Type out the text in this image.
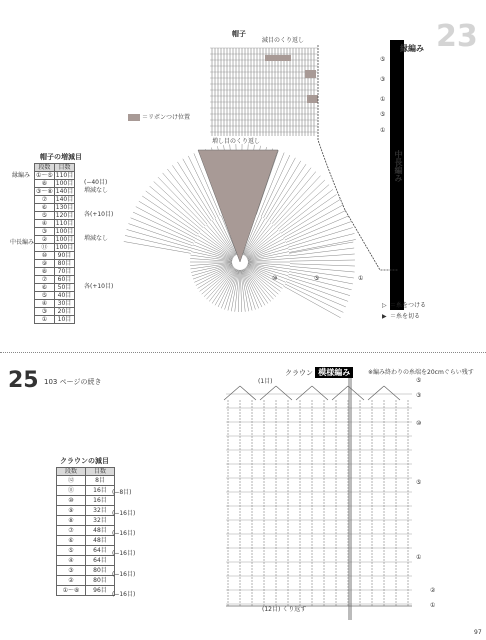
23
帽子
減目のくり返し
縁編み
中長編み
＝リボンつけ位置
増し目のくり返し
⑤
③
①
⑤
①
①
⑤
⑩
▷ ＝糸をつける
▶ ＝糸を切る
帽子の増減目
段数	目数
①〜⑤	110目
⑧	100目
③〜⑧	140目
⑦	140目
⑥	130目
⑤	120目
④	110目
③	100目
②	100目
⑪	100目
⑩	90目
⑨	80目
⑧	70目
⑦	60目
⑥	50目
⑤	40目
④	30目
③	20目
①	10目
縁編み
中長編み
(−40目)
増減なし
各(+10目)
増減なし
各(+10目)
25 103 ページの続き
クラウン 模様編み	※編み終わりの糸端を20cmぐらい残す
(1目)
(12目) くり返す
⑤
③
⑩
⑤
①
②
①
クラウンの減目
段数	目数
⑫	8目
⑪	16目
⑩	16目
⑨	32目
⑧	32目
⑦	48目
⑥	48目
⑤	64目
④	64目
③	80目
②	80目
①〜⑧	96目
(−8目)
(−16目)
(−16目)
(−16目)
(−16目)
(−16目)
97
